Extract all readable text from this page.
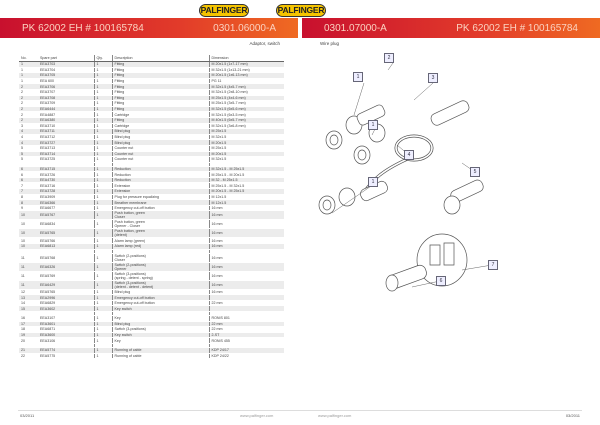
PALFINGER	PALFINGER
PK 62002 EH # 100165784	0301.06000-A	0301.07000-A	PK 62002 EH # 100165784
Adaptor, switch	Wire plug
No.	Spare part	Qty.	Description	Dimension
1	EEA3703	1	Fitting	M 20x1.5 (1x7-17 mm)
1	EEA3704	1	Fitting	M 32x1.5 (1x13-21 mm)
1	EEA3705	1	Fitting	M 20x1.5 (1x6-13 mm)
1	EEA 600	1	Fitting	PG 11
2	EEA3706	1	Fitting	M 32x1.5 (4x5-7 mm)
2	EEA3707	1	Fitting	M 32x1.5 (2x8-10 mm)
2	EEA3708	1	Fitting	M 25x1.5 (4x4-6 mm)
2	EEA3709	1	Fitting	M 25x1.5 (3x5-7 mm)
2	EEA6444	1	Fitting	M 32x1.5 (6x5-6 mm)
2	EEA4887	1	Cartridge	M 32x1.5 (6x3-5 mm)
2	EEA6380	1	Fitting	M 40x1.5 (6x5-7 mm)
3	EEA3710	1	Cartridge	M 32x1.5 (3x6-8 mm)
4	EEA3711	1	Blind plug	M 25x1.5
4	EEA3712	1	Blind plug	M 32x1.5
4	EEA3727	1	Blind plug	M 20x1.5
5	EEA3713	1	Counter nut	M 25x1.5
5	EEA3714	1	Counter nut	M 20x1.5
5	EEA3725	1	Counter nut	M 32x1.5

6	EEA3715	1	Reduction	M 32x1.5 - M 25x1.5
6	EEA3726	1	Reduction	M 25x1.5 - M 20x1.5
6	EEA4730	1	Reduction	M 32 - M 25x1.5
7	EEA3716	1	Extension	M 25x1.5 - M 32x1.5
7	EEA3728	1	Extension	M 20x1.5 - M 25x1.5
8	EEA3909	1	Plug for pressure equalizing	M 12x1.5
8	EEA6366	1	Breather membrane	M 12x1.5
9	EEA6677	1	Emergency cut-off button	16 mm
10	EEA5767	1	Push button, green
Closer	16 mm
10	EEA6834	1	Push button, green
Opener - Closer	16 mm
10	EEA5765	1	Push button, green
(detent)	16 mm
10	EEA5766	1	Alarm lamp (green)	16 mm
10	EEA6813	1	Alarm lamp (red)	16 mm

11	EEA5768	1	Switch (2-positions)
Closer	16 mm
11	EEA6326	1	Switch (2-positions)
Opener	16 mm
11	EEA5769	1	Switch (3-positions)
(spring - detent - spring)	16 mm
11	EEA6429	1	Switch (3-positions)
(detent - detent - detent)	16 mm
12	EEA5765	1	Blind plug	16 mm
13	EEA2996	1	Emergency cut-off button	
14	EEA6829	1	Emergency cut-off button	22 mm
15	EEA3602	1	Key switch	

16	EEA3107	1	Key	RONIS 801
17	EEA3601	1	Blind plug	22 mm
18	EEA6871	1	Switch (3-positions)	22 mm
19	EEA3600	1	Key switch	2-ST
20	EEA3106	1	Key	RONIS 455

21	EEA5774	1	Running of cable	KDP 24/17
22	EEA5775	1	Running of cable	KDP 24/22
2
1	3
1
4
1
5
7
6
03/2011	www.palfinger.com	www.palfinger.com	03/2011
